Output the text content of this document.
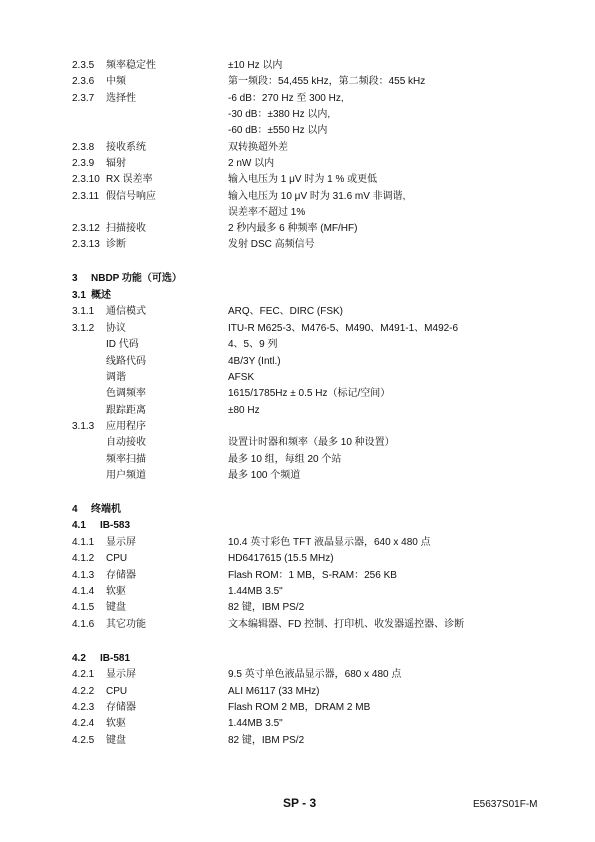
2.3.5 频率稳定性	±10 Hz 以内
2.3.6 中频	第一频段：54,455 kHz，第二频段：455 kHz
2.3.7 选择性	-6 dB：270 Hz 至 300 Hz,
-30 dB：±380 Hz 以内,
-60 dB：±550 Hz 以内
2.3.8 接收系统	双转换超外差
2.3.9 辐射	2 nW 以内
2.3.10 RX 误差率	输入电压为 1 μV 时为 1 % 或更低
2.3.11 假信号响应	输入电压为 10 μV 时为 31.6 mV 非调谐,
误差率不超过 1%
2.3.12 扫描接收	2 秒内最多 6 种频率 (MF/HF)
2.3.13 诊断	发射 DSC 高频信号
3 NBDP 功能（可选）
3.1 概述
3.1.1 通信模式	ARQ、FEC、DIRC (FSK)
3.1.2 协议	ITU-R M625-3、M476-5、M490、M491-1、M492-6
ID 代码	4、5、9 列
线路代码	4B/3Y (Intl.)
调谐	AFSK
色调频率	1615/1785Hz ± 0.5 Hz（标记/空间）
跟踪距离	±80 Hz
3.1.3 应用程序
自动接收	设置计时器和频率（最多 10 种设置）
频率扫描	最多 10 组，每组 20 个站
用户频道	最多 100 个频道
4 终端机
4.1 IB-583
4.1.1 显示屏	10.4 英寸彩色 TFT 液晶显示器，640 x 480 点
4.1.2 CPU	HD6417615 (15.5 MHz)
4.1.3 存储器	Flash ROM：1 MB，S-RAM：256 KB
4.1.4 软驱	1.44MB 3.5"
4.1.5 键盘	82 键，IBM PS/2
4.1.6 其它功能	文本编辑器、FD 控制、打印机、收发器遥控器、诊断
4.2 IB-581
4.2.1 显示屏	9.5 英寸单色液晶显示器，680 x 480 点
4.2.2 CPU	ALI M6117 (33 MHz)
4.2.3 存储器	Flash ROM 2 MB，DRAM 2 MB
4.2.4 软驱	1.44MB 3.5"
4.2.5 键盘	82 键，IBM PS/2
SP - 3	E5637S01F-M
